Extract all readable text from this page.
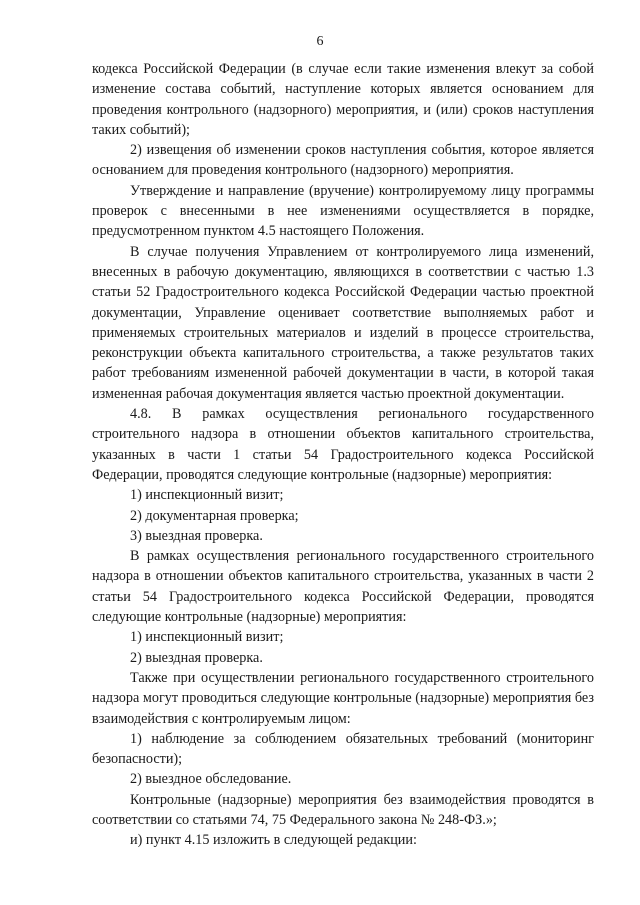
6

кодекса Российской Федерации (в случае если такие изменения влекут за собой изменение состава событий, наступление которых является основанием для проведения контрольного (надзорного) мероприятия, и (или) сроков наступления таких событий);

2) извещения об изменении сроков наступления события, которое является основанием для проведения контрольного (надзорного) мероприятия.

Утверждение и направление (вручение) контролируемому лицу программы проверок с внесенными в нее изменениями осуществляется в порядке, предусмотренном пунктом 4.5 настоящего Положения.

В случае получения Управлением от контролируемого лица изменений, внесенных в рабочую документацию, являющихся в соответствии с частью 1.3 статьи 52 Градостроительного кодекса Российской Федерации частью проектной документации, Управление оценивает соответствие выполняемых работ и применяемых строительных материалов и изделий в процессе строительства, реконструкции объекта капитального строительства, а также результатов таких работ требованиям измененной рабочей документации в части, в которой такая измененная рабочая документация является частью проектной документации.

4.8. В рамках осуществления регионального государственного строительного надзора в отношении объектов капитального строительства, указанных в части 1 статьи 54 Градостроительного кодекса Российской Федерации, проводятся следующие контрольные (надзорные) мероприятия:

1) инспекционный визит;

2) документарная проверка;

3) выездная проверка.

В рамках осуществления регионального государственного строительного надзора в отношении объектов капитального строительства, указанных в части 2 статьи 54 Градостроительного кодекса Российской Федерации, проводятся следующие контрольные (надзорные) мероприятия:

1) инспекционный визит;

2) выездная проверка.

Также при осуществлении регионального государственного строительного надзора могут проводиться следующие контрольные (надзорные) мероприятия без взаимодействия с контролируемым лицом:

1) наблюдение за соблюдением обязательных требований (мониторинг безопасности);

2) выездное обследование.

Контрольные (надзорные) мероприятия без взаимодействия проводятся в соответствии со статьями 74, 75 Федерального закона № 248-ФЗ.»;

и) пункт 4.15 изложить в следующей редакции:
